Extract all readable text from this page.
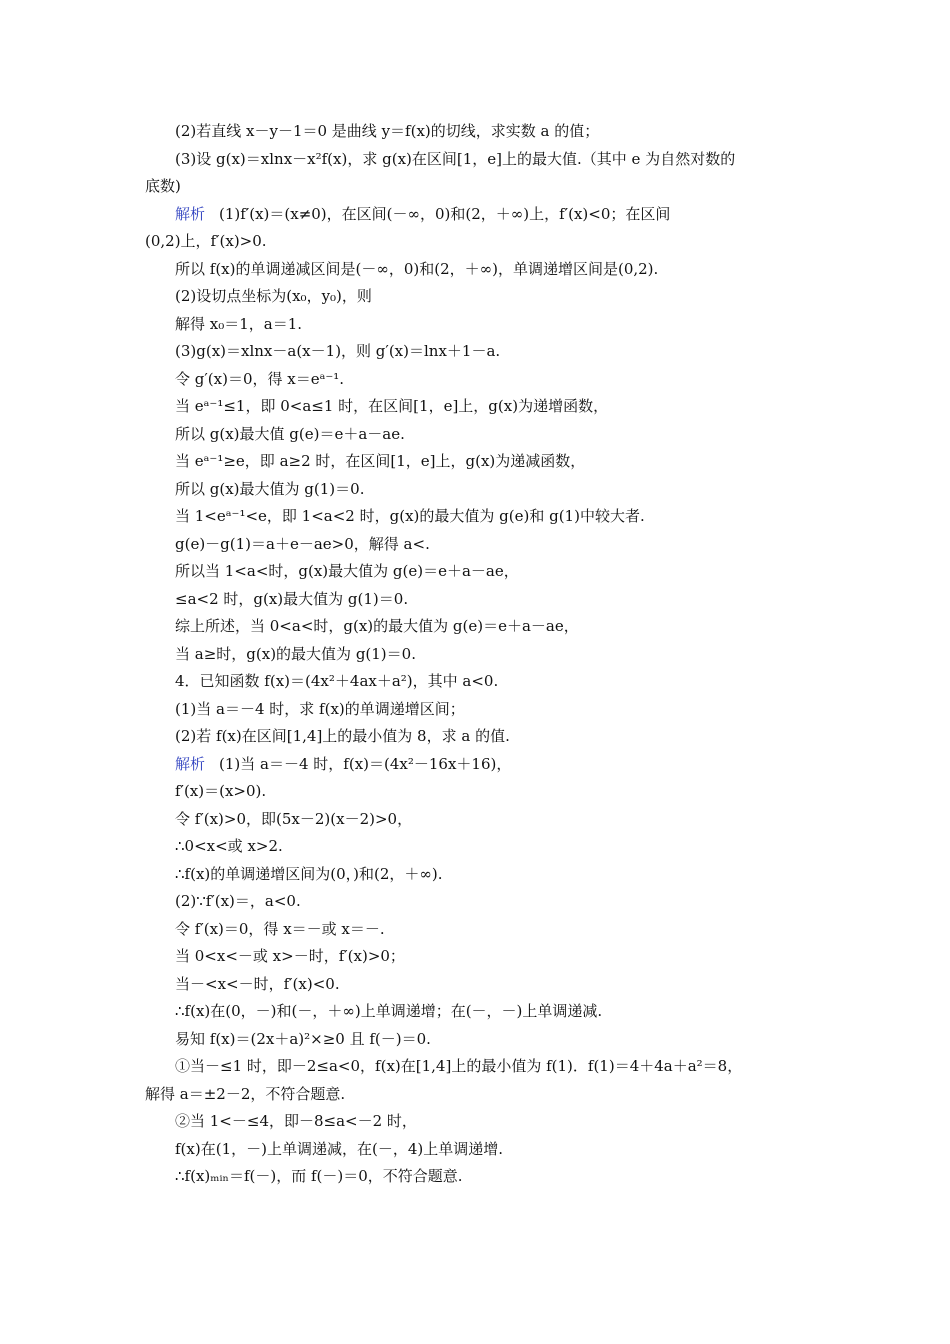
(2)若直线 x－y－1＝0 是曲线 y＝f(x)的切线，求实数 a 的值；
(3)设 g(x)＝xlnx－x²f(x)，求 g(x)在区间[1，e]上的最大值.（其中 e 为自然对数的
底数)
解析 (1)f′(x)＝(x≠0)，在区间(－∞，0)和(2，＋∞)上，f′(x)<0；在区间
(0,2)上，f′(x)>0.
所以 f(x)的单调递减区间是(－∞，0)和(2，＋∞)，单调递增区间是(0,2).
(2)设切点坐标为(x₀，y₀)，则
解得 x₀＝1，a＝1.
(3)g(x)＝xlnx－a(x－1)，则 g′(x)＝lnx＋1－a.
令 g′(x)＝0，得 x＝eᵃ⁻¹.
当 eᵃ⁻¹≤1，即 0<a≤1 时，在区间[1，e]上，g(x)为递增函数，
所以 g(x)最大值 g(e)＝e＋a－ae.
当 eᵃ⁻¹≥e，即 a≥2 时，在区间[1，e]上，g(x)为递减函数，
所以 g(x)最大值为 g(1)＝0.
当 1<eᵃ⁻¹<e，即 1<a<2 时，g(x)的最大值为 g(e)和 g(1)中较大者.
g(e)－g(1)＝a＋e－ae>0，解得 a<.
所以当 1<a<时，g(x)最大值为 g(e)＝e＋a－ae，
≤a<2 时，g(x)最大值为 g(1)＝0.
综上所述，当 0<a<时，g(x)的最大值为 g(e)＝e＋a－ae，
当 a≥时，g(x)的最大值为 g(1)＝0.
4．已知函数 f(x)＝(4x²＋4ax＋a²)，其中 a<0.
(1)当 a＝－4 时，求 f(x)的单调递增区间；
(2)若 f(x)在区间[1,4]上的最小值为 8，求 a 的值.
解析 (1)当 a＝－4 时，f(x)＝(4x²－16x＋16)，
f′(x)＝(x>0).
令 f′(x)>0，即(5x－2)(x－2)>0，
∴0<x<或 x>2.
∴f(x)的单调递增区间为(0，)和(2，＋∞).
(2)∵f′(x)＝，a<0.
令 f′(x)＝0，得 x＝－或 x＝－.
当 0<x<－或 x>－时，f′(x)>0；
当－<x<－时，f′(x)<0.
∴f(x)在(0，－)和(－，＋∞)上单调递增；在(－，－)上单调递减.
易知 f(x)＝(2x＋a)²×≥0 且 f(－)＝0.
①当－≤1 时，即－2≤a<0，f(x)在[1,4]上的最小值为 f(1)．f(1)＝4＋4a＋a²＝8，
解得 a＝±2－2，不符合题意.
②当 1<－≤4，即－8≤a<－2 时，
f(x)在(1，－)上单调递减，在(－，4)上单调递增.
∴f(x)ₘᵢₙ＝f(－)，而 f(－)＝0，不符合题意.
